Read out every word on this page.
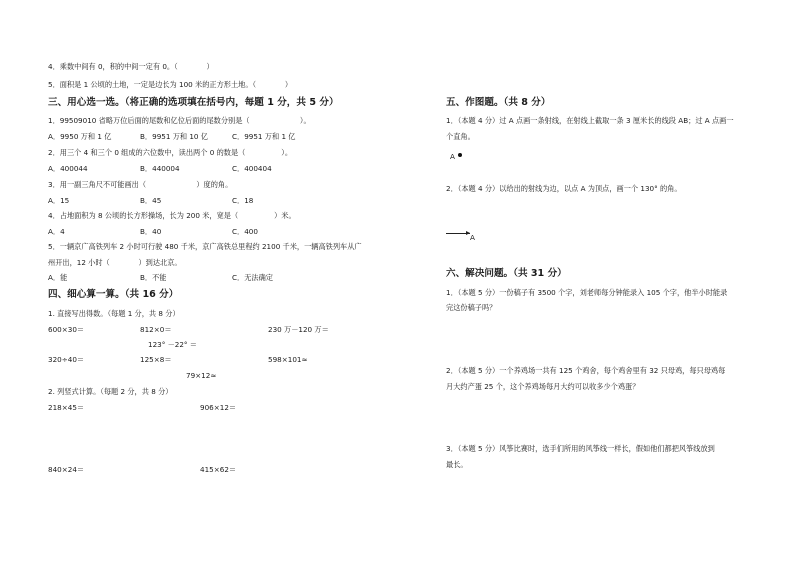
4．乘数中间有 0，积的中间一定有 0。（　　　　）
5．面积是 1 公顷的土地，一定是边长为 100 米的正方形土地。（　　　　）
三、用心选一选。（将正确的选项填在括号内，每题 1 分，共 5 分）
1．99509010 省略万位后面的尾数和亿位后面的尾数分别是（　　　　　　　）。
A．9950 万和 1 亿	B．9951 万和 10 亿	C．9951 万和 1 亿
2．用三个 4 和三个 0 组成的六位数中，读出两个 0 的数是（　　　　　）。
A．400044	B．440004	C．400404
3．用一副三角尺不可能画出（　　　　　　　）度的角。
A．15	B．45	C．18
4．占地面积为 8 公顷的长方形操场，长为 200 米，宽是（　　　　　）米。
A．4	B．40	C．400
5．一辆京广高铁列车 2 小时可行驶 480 千米，京广高铁总里程约 2100 千米，一辆高铁列车从广
州开出，12 小时（　　　　）到达北京。
A．能	B．不能	C．无法确定
四、细心算一算。（共 16 分）
1. 直接写出得数。（每题 1 分，共 8 分）
600×30＝	812×0＝	230 万－120 万＝
123° －22° ＝
320÷40＝	125×8＝	598×101≈
79×12≈
2. 列竖式计算。（每题 2 分，共 8 分）
218×45＝	906×12＝
840×24＝	415×62＝
五、作图题。（共 8 分）
1．（本题 4 分）过 A 点画一条射线，在射线上截取一条 3 厘米长的线段 AB；过 A 点画一
个直角。
A
2．（本题 4 分）以给出的射线为边，以点 A 为顶点，画一个 130° 的角。
A
六、解决问题。（共 31 分）
1．（本题 5 分）一份稿子有 3500 个字，刘老师每分钟能录入 105 个字，他半小时能录
完这份稿子吗？
2．（本题 5 分）一个养鸡场一共有 125 个鸡舍，每个鸡舍里有 32 只母鸡，每只母鸡每
月大约产蛋 25 个，这个养鸡场每月大约可以收多少个鸡蛋？
3．（本题 5 分）风筝比赛时，选手们所用的风筝线一样长，假如他们都把风筝线放到
最长。
